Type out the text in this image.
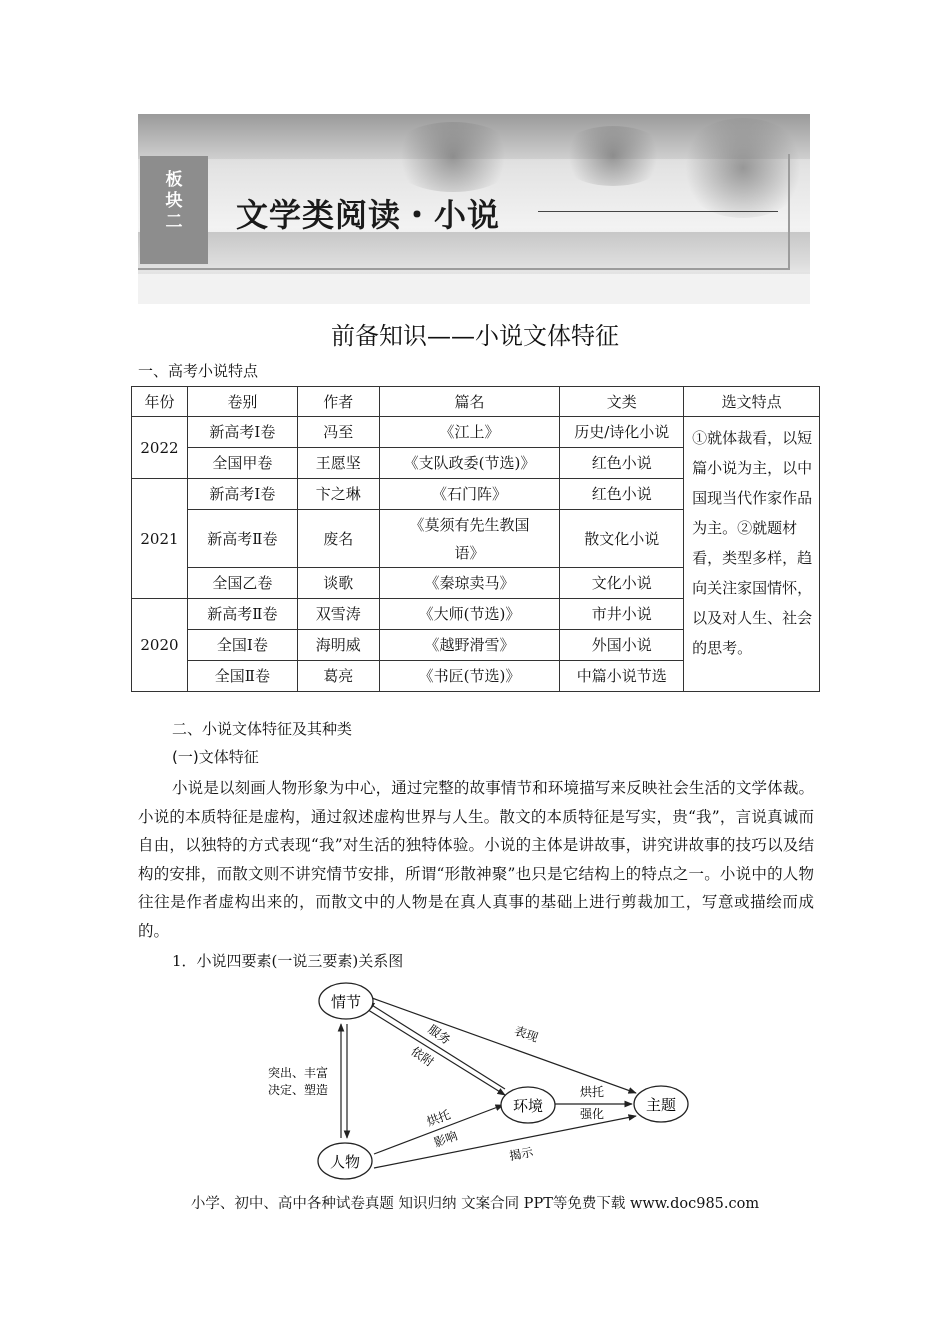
板块二 文学类阅读・小说
前备知识——小说文体特征
一、高考小说特点
年份	卷别	作者	篇名	文类	选文特点
2022	新高考Ⅰ卷	冯至	《江上》	历史/诗化小说	①就体裁看，以短篇小说为主，以中国现当代作家作品为主。②就题材看，类型多样，趋向关注家国情怀，以及对人生、社会的思考。
	全国甲卷	王愿坚	《支队政委(节选)》	红色小说	
2021	新高考Ⅰ卷	卞之琳	《石门阵》	红色小说	
	新高考Ⅱ卷	废名	《莫须有先生教国语》	散文化小说	
	全国乙卷	谈歌	《秦琼卖马》	文化小说	
2020	新高考Ⅱ卷	双雪涛	《大师(节选)》	市井小说	
	全国Ⅰ卷	海明威	《越野滑雪》	外国小说	
	全国Ⅱ卷	葛亮	《书匠(节选)》	中篇小说节选	
二、小说文体特征及其种类
(一)文体特征
小说是以刻画人物形象为中心，通过完整的故事情节和环境描写来反映社会生活的文学体裁。小说的本质特征是虚构，通过叙述虚构世界与人生。散文的本质特征是写实，贵“我”，言说真诚而自由，以独特的方式表现“我”对生活的独特体验。小说的主体是讲故事，讲究讲故事的技巧以及结构的安排，而散文则不讲究情节安排，所谓“形散神聚”也只是它结构上的特点之一。小说中的人物往往是作者虚构出来的，而散文中的人物是在真人真事的基础上进行剪裁加工，写意或描绘而成的。
1．小说四要素(一说三要素)关系图
情节
环境	主题
人物
突出、丰富
决定、塑造
服务
依附
表现
烘托
强化
烘托
影响
揭示
小学、初中、高中各种试卷真题 知识归纳 文案合同 PPT等免费下载 www.doc985.com
